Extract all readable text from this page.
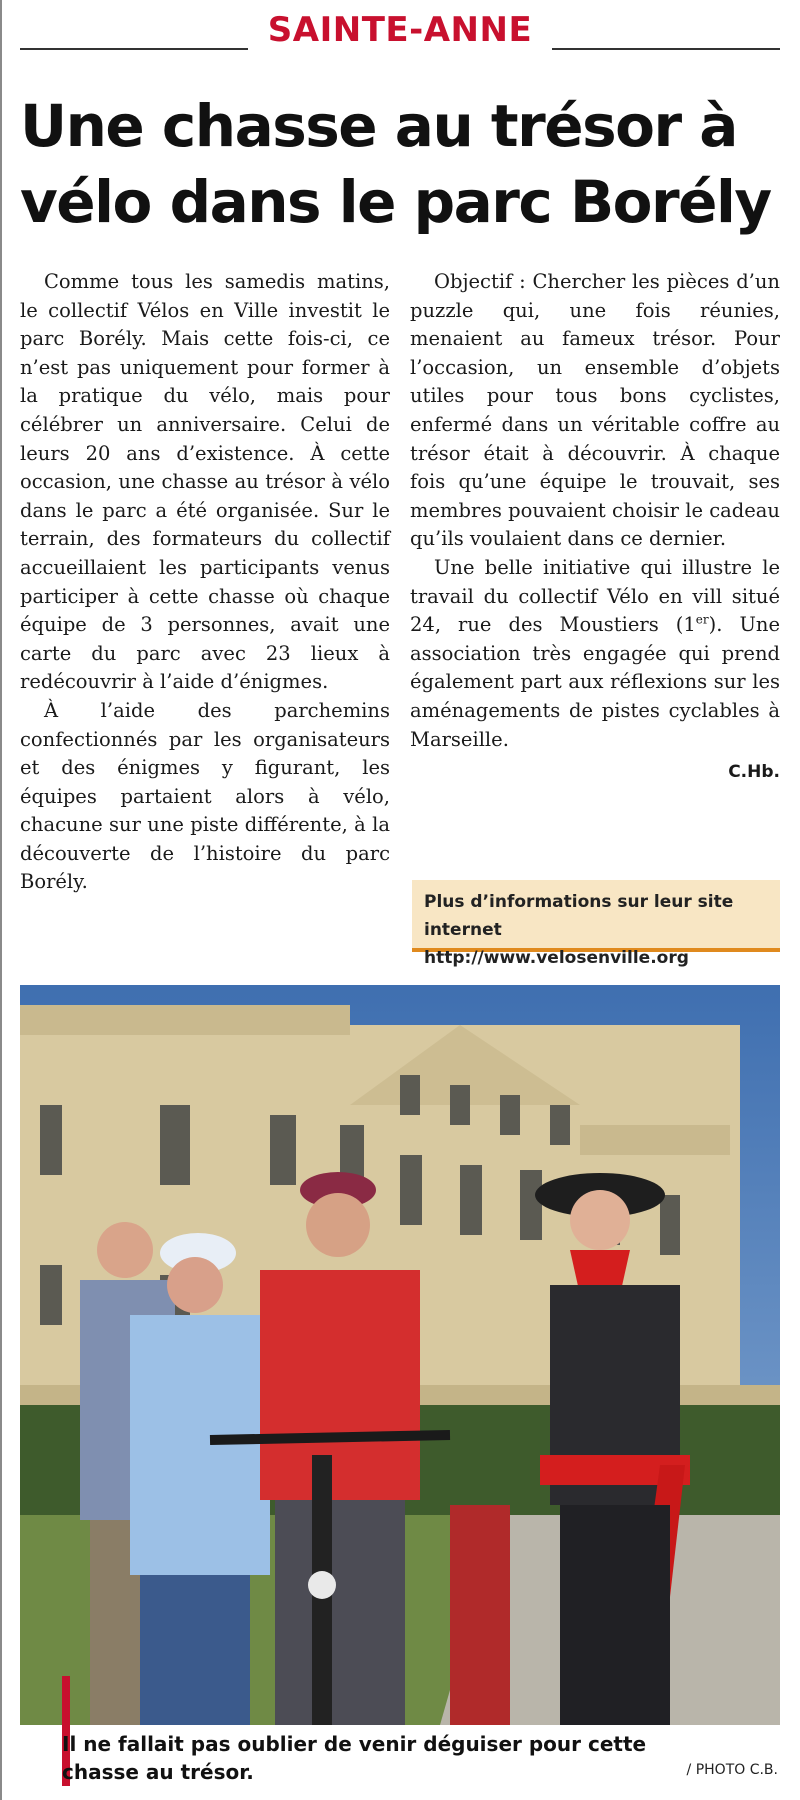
SAINTE-ANNE
Une chasse au trésor à vélo dans le parc Borély

Comme tous les samedis matins, le collectif Vélos en Ville investit le parc Borély. Mais cette fois-ci, ce n’est pas uniquement pour former à la pratique du vélo, mais pour célébrer un anniversaire. Celui de leurs 20 ans d’existence. À cette occasion, une chasse au trésor à vélo dans le parc a été organisée. Sur le terrain, des formateurs du collectif accueillaient les participants venus participer à cette chasse où chaque équipe de 3 personnes, avait une carte du parc avec 23 lieux à redécouvrir à l’aide d’énigmes.

À l’aide des parchemins confectionnés par les organisateurs et des énigmes y figurant, les équipes partaient alors à vélo, chacune sur une piste différente, à la découverte de l’histoire du parc Borély.

Objectif : Chercher les pièces d’un puzzle qui, une fois réunies, menaient au fameux trésor. Pour l’occasion, un ensemble d’objets utiles pour tous bons cyclistes, enfermé dans un véritable coffre au trésor était à découvrir. À chaque fois qu’une équipe le trouvait, ses membres pouvaient choisir le cadeau qu’ils voulaient dans ce dernier.

Une belle initiative qui illustre le travail du collectif Vélo en vill situé 24, rue des Moustiers (1er). Une association très engagée qui prend également part aux réflexions sur les aménagements de pistes cyclables à Marseille.

C.Hb.
Plus d’informations sur leur site internet
http://www.velosenville.org

Il ne fallait pas oublier de venir déguiser pour cette chasse au trésor.	/ PHOTO C.B.
